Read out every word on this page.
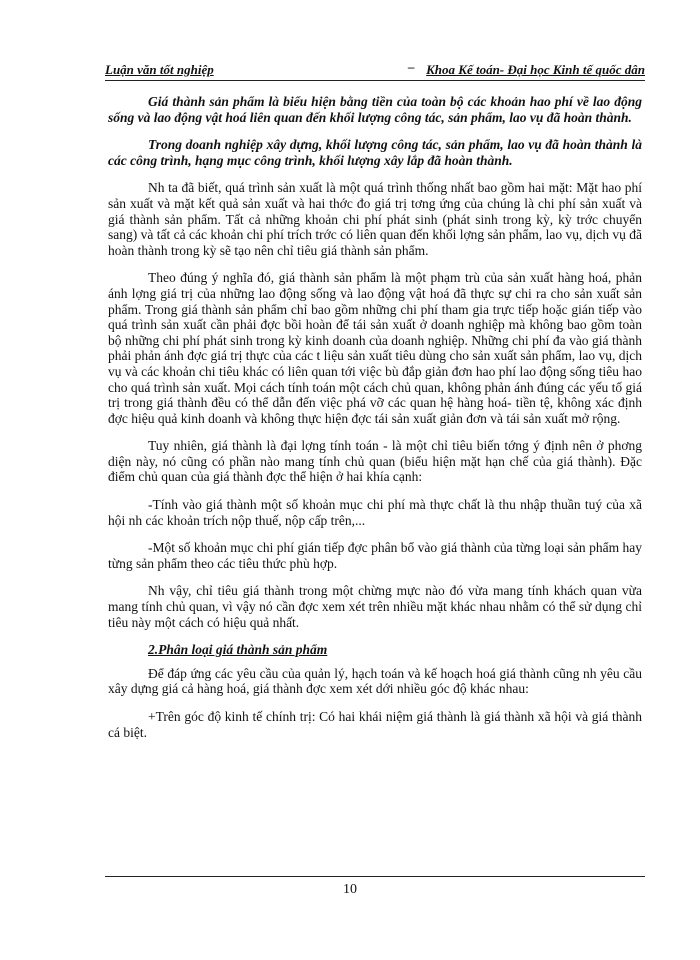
Luận văn tốt nghiệp	– Khoa Kế toán- Đại học Kinh tế quốc dân

Giá thành sản phẩm là biểu hiện bằng tiền của toàn bộ các khoản hao phí về lao động sống và lao động vật hoá liên quan đến khối lượng công tác, sản phẩm, lao vụ đã hoàn thành.

Trong doanh nghiệp xây dựng, khối lượng công tác, sản phẩm, lao vụ đã hoàn thành là các công trình, hạng mục công trình, khối lượng xây lắp đã hoàn thành.

Nh ta đã biết, quá trình sản xuất là một quá trình thống nhất bao gồm hai mặt: Mặt hao phí sản xuất và mặt kết quả sản xuất và hai thớc đo giá trị tơng ứng của chúng là chi phí sản xuất và giá thành sản phẩm. Tất cả những khoản chi phí phát sinh (phát sinh trong kỳ, kỳ trớc chuyển sang) và tất cả các khoản chi phí trích trớc có liên quan đến khối lợng sản phẩm, lao vụ, dịch vụ đã hoàn thành trong kỳ sẽ tạo nên chỉ tiêu giá thành sản phẩm.

Theo đúng ý nghĩa đó, giá thành sản phẩm là một phạm trù của sản xuất hàng hoá, phản ánh lợng giá trị của những lao động sống và lao động vật hoá đã thực sự chi ra cho sản xuất sản phẩm. Trong giá thành sản phẩm chỉ bao gồm những chi phí tham gia trực tiếp hoặc gián tiếp vào quá trình sản xuất cần phải đợc bồi hoàn để tái sản xuất ở doanh nghiệp mà không bao gồm toàn bộ những chi phí phát sinh trong kỳ kinh doanh của doanh nghiệp. Những chi phí đa vào giá thành phải phản ánh đợc giá trị thực của các t liệu sản xuất tiêu dùng cho sản xuất sản phẩm, lao vụ, dịch vụ và các khoản chi tiêu khác có liên quan tới việc bù đắp giản đơn hao phí lao động sống tiêu hao cho quá trình sản xuất. Mọi cách tính toán một cách chủ quan, không phản ánh đúng các yếu tố giá trị trong giá thành đều có thể dẫn đến việc phá vỡ các quan hệ hàng hoá- tiền tệ, không xác định đợc hiệu quả kinh doanh và không thực hiện đợc tái sản xuất giản đơn và tái sản xuất mở rộng.

Tuy nhiên, giá thành là đại lợng tính toán - là một chỉ tiêu biến tớng ý định nên ở phơng diện này, nó cũng có phần nào mang tính chủ quan (biểu hiện mặt hạn chế của giá thành). Đặc điểm chủ quan của giá thành đợc thể hiện ở hai khía cạnh:

-Tính vào giá thành một số khoản mục chi phí mà thực chất là thu nhập thuần tuý của xã hội nh các khoản trích nộp thuế, nộp cấp trên,...

-Một số khoản mục chi phí gián tiếp đợc phân bổ vào giá thành của từng loại sản phẩm hay từng sản phẩm theo các tiêu thức phù hợp.

Nh vậy, chỉ tiêu giá thành trong một chừng mực nào đó vừa mang tính khách quan vừa mang tính chủ quan, vì vậy nó cần đợc xem xét trên nhiều mặt khác nhau nhằm có thể sử dụng chỉ tiêu này một cách có hiệu quả nhất.

2.Phân loại giá thành sản phẩm

Để đáp ứng các yêu cầu của quản lý, hạch toán và kế hoạch hoá giá thành cũng nh yêu cầu xây dựng giá cả hàng hoá, giá thành đợc xem xét dới nhiều góc độ khác nhau:

+Trên góc độ kinh tế chính trị: Có hai khái niệm giá thành là giá thành xã hội và giá thành cá biệt.

10
